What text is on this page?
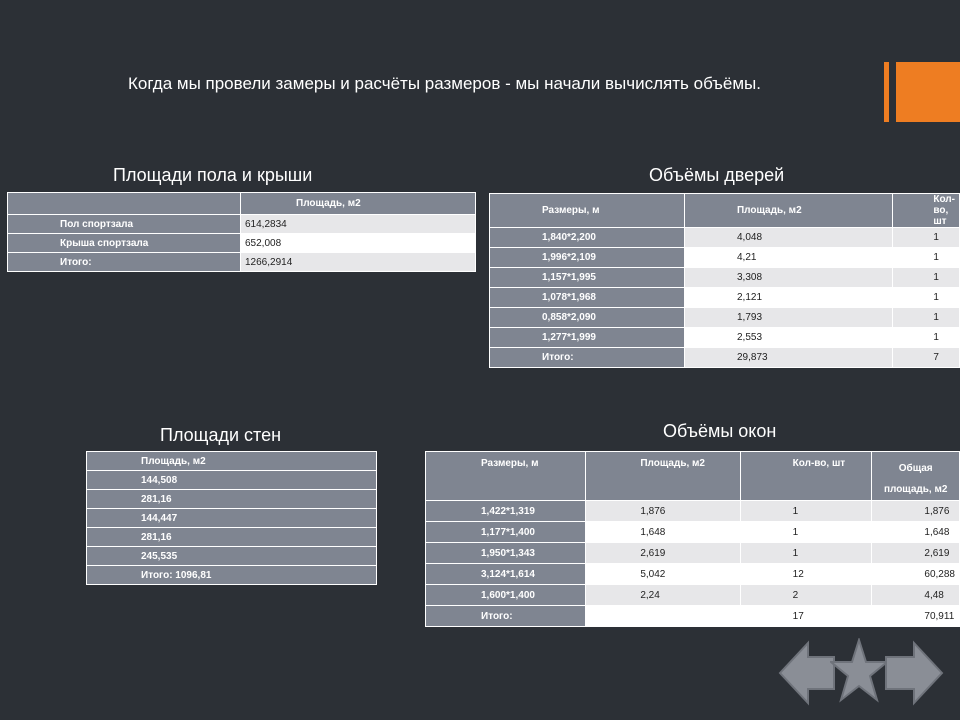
Когда мы провели замеры и расчёты размеров - мы начали вычислять объёмы.

Площади пола и крыши
	Площадь, м2
Пол спортзала	614,2834
Крыша спортзала	652,008
Итого:	1266,2914
Объёмы дверей
Размеры, м	Площадь, м2	Кол-во, шт
1,840*2,200	4,048	1
1,996*2,109	4,21	1
1,157*1,995	3,308	1
1,078*1,968	2,121	1
0,858*2,090	1,793	1
1,277*1,999	2,553	1
Итого:	29,873	7
Площади стен
Площадь, м2
144,508
281,16
144,447
281,16
245,535
Итого: 1096,81
Объёмы окон
Размеры, м	Площадь, м2	Кол-во, шт	Общая
площадь, м2
1,422*1,319	1,876	1	1,876
1,177*1,400	1,648	1	1,648
1,950*1,343	2,619	1	2,619
3,124*1,614	5,042	12	60,288
1,600*1,400	2,24	2	4,48
Итого:		17	70,911
